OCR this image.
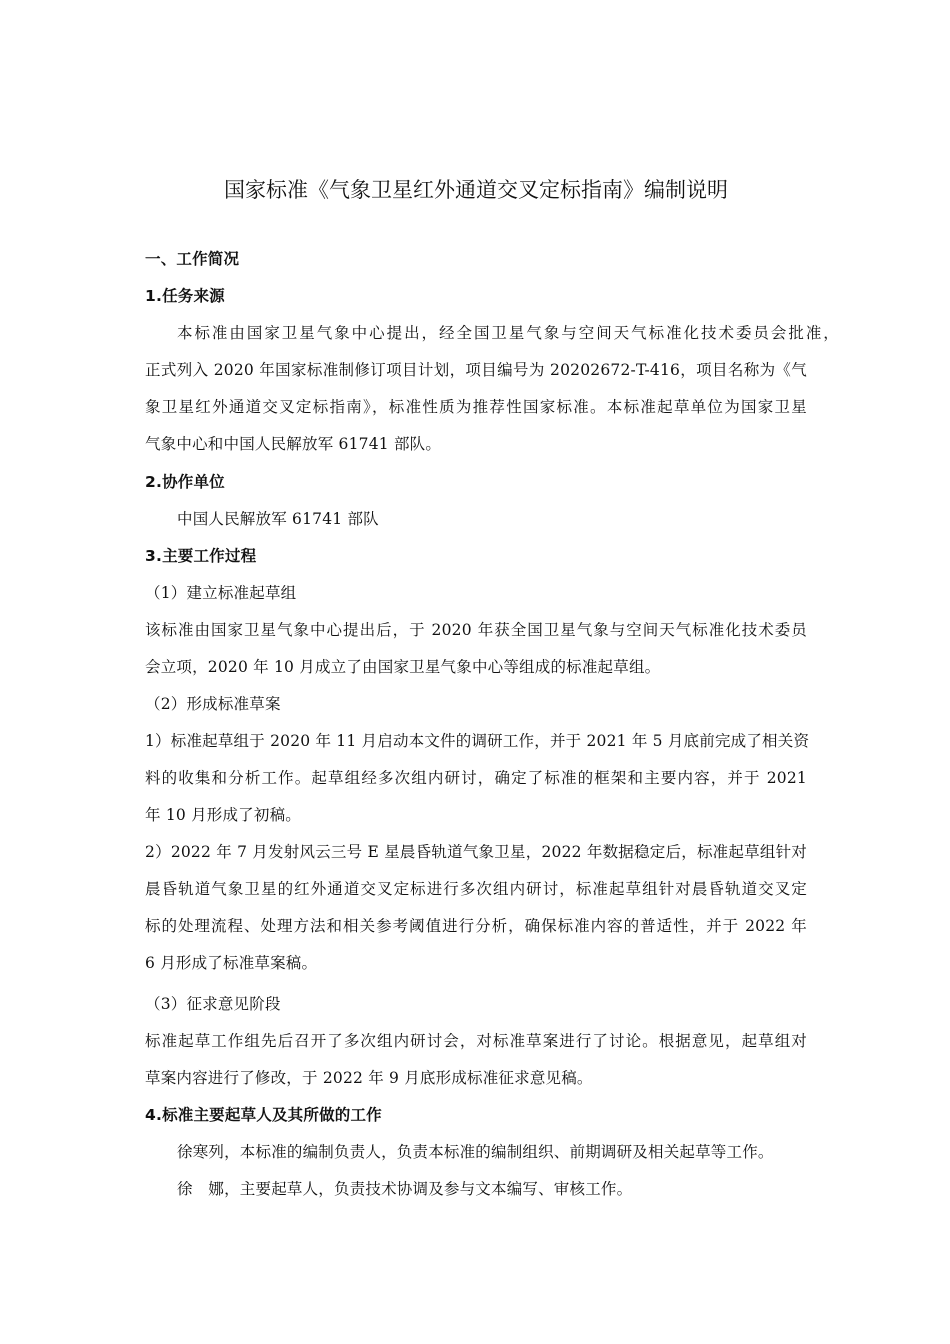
国家标准《气象卫星红外通道交叉定标指南》编制说明
一、工作简况
1.任务来源
本标准由国家卫星气象中心提出，经全国卫星气象与空间天气标准化技术委员会批准，
正式列入 2020 年国家标准制修订项目计划，项目编号为 20202672-T-416，项目名称为《气
象卫星红外通道交叉定标指南》，标准性质为推荐性国家标准。本标准起草单位为国家卫星
气象中心和中国人民解放军 61741 部队。
2.协作单位
中国人民解放军 61741 部队
3.主要工作过程
（1）建立标准起草组
该标准由国家卫星气象中心提出后，于 2020 年获全国卫星气象与空间天气标准化技术委员
会立项，2020 年 10 月成立了由国家卫星气象中心等组成的标准起草组。
（2）形成标准草案
1）标准起草组于 2020 年 11 月启动本文件的调研工作，并于 2021 年 5 月底前完成了相关资
料的收集和分析工作。起草组经多次组内研讨，确定了标准的框架和主要内容，并于 2021
年 10 月形成了初稿。
2）2022 年 7 月发射风云三号 E 星晨昏轨道气象卫星，2022 年数据稳定后，标准起草组针对
晨昏轨道气象卫星的红外通道交叉定标进行多次组内研讨，标准起草组针对晨昏轨道交叉定
标的处理流程、处理方法和相关参考阈值进行分析，确保标准内容的普适性，并于 2022 年
6 月形成了标准草案稿。
（3）征求意见阶段
标准起草工作组先后召开了多次组内研讨会，对标准草案进行了讨论。根据意见，起草组对
草案内容进行了修改，于 2022 年 9 月底形成标准征求意见稿。
4.标准主要起草人及其所做的工作
徐寒列，本标准的编制负责人，负责本标准的编制组织、前期调研及相关起草等工作。
徐　娜，主要起草人，负责技术协调及参与文本编写、审核工作。
